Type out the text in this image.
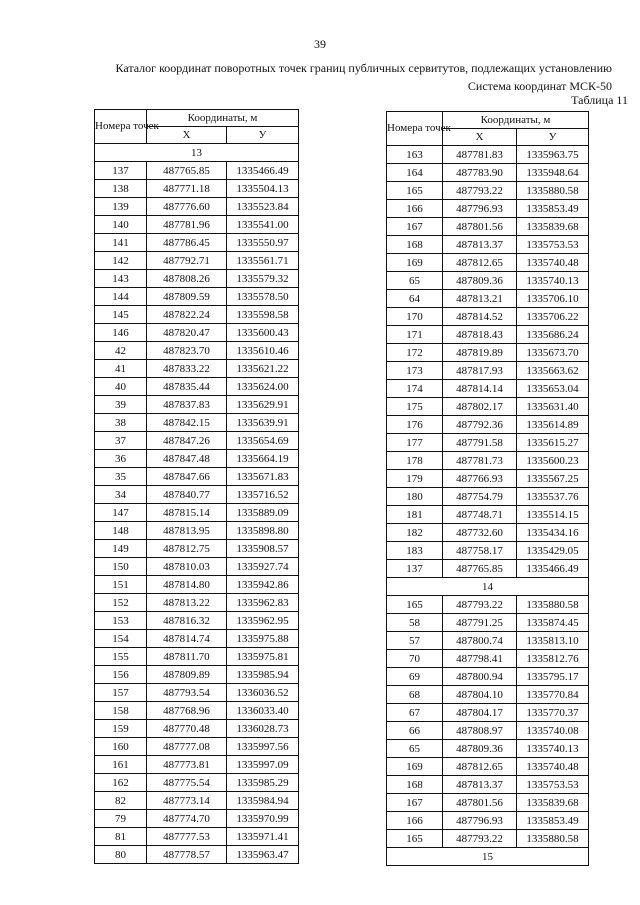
39
Каталог координат поворотных точек границ публичных сервитутов, подлежащих установлению
Система координат МСК-50
Таблица 11
Номера точек	Координаты, м	
	X	У
13		
137	487765.85	1335466.49
138	487771.18	1335504.13
139	487776.60	1335523.84
140	487781.96	1335541.00
141	487786.45	1335550.97
142	487792.71	1335561.71
143	487808.26	1335579.32
144	487809.59	1335578.50
145	487822.24	1335598.58
146	487820.47	1335600.43
42	487823.70	1335610.46
41	487833.22	1335621.22
40	487835.44	1335624.00
39	487837.83	1335629.91
38	487842.15	1335639.91
37	487847.26	1335654.69
36	487847.48	1335664.19
35	487847.66	1335671.83
34	487840.77	1335716.52
147	487815.14	1335889.09
148	487813.95	1335898.80
149	487812.75	1335908.57
150	487810.03	1335927.74
151	487814.80	1335942.86
152	487813.22	1335962.83
153	487816.32	1335962.95
154	487814.74	1335975.88
155	487811.70	1335975.81
156	487809.89	1335985.94
157	487793.54	1336036.52
158	487768.96	1336033.40
159	487770.48	1336028.73
160	487777.08	1335997.56
161	487773.81	1335997.09
162	487775.54	1335985.29
82	487773.14	1335984.94
79	487774.70	1335970.99
81	487777.53	1335971.41
80	487778.57	1335963.47
Номера точек	Координаты, м	
	X	У
163	487781.83	1335963.75
164	487783.90	1335948.64
165	487793.22	1335880.58
166	487796.93	1335853.49
167	487801.56	1335839.68
168	487813.37	1335753.53
169	487812.65	1335740.48
65	487809.36	1335740.13
64	487813.21	1335706.10
170	487814.52	1335706.22
171	487818.43	1335686.24
172	487819.89	1335673.70
173	487817.93	1335663.62
174	487814.14	1335653.04
175	487802.17	1335631.40
176	487792.36	1335614.89
177	487791.58	1335615.27
178	487781.73	1335600.23
179	487766.93	1335567.25
180	487754.79	1335537.76
181	487748.71	1335514.15
182	487732.60	1335434.16
183	487758.17	1335429.05
137	487765.85	1335466.49
14		
165	487793.22	1335880.58
58	487791.25	1335874.45
57	487800.74	1335813.10
70	487798.41	1335812.76
69	487800.94	1335795.17
68	487804.10	1335770.84
67	487804.17	1335770.37
66	487808.97	1335740.08
65	487809.36	1335740.13
169	487812.65	1335740.48
168	487813.37	1335753.53
167	487801.56	1335839.68
166	487796.93	1335853.49
165	487793.22	1335880.58
15		
